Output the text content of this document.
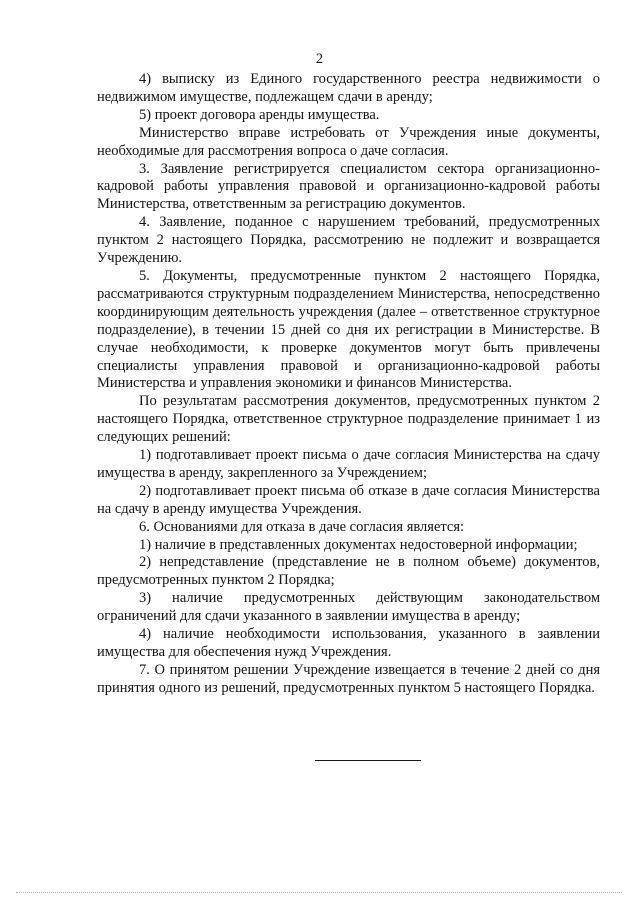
2

4) выписку из Единого государственного реестра недвижимости о недвижимом имуществе, подлежащем сдачи в аренду;

5) проект договора аренды имущества.

Министерство вправе истребовать от Учреждения иные документы, необходимые для рассмотрения вопроса о даче согласия.

3. Заявление регистрируется специалистом сектора организационно-кадровой работы управления правовой и организационно-кадровой работы Министерства, ответственным за регистрацию документов.

4. Заявление, поданное с нарушением требований, предусмотренных пунктом 2 настоящего Порядка, рассмотрению не подлежит и возвращается Учреждению.

5. Документы, предусмотренные пунктом 2 настоящего Порядка, рассматриваются структурным подразделением Министерства, непосредственно координирующим деятельность учреждения (далее – ответственное структурное подразделение), в течении 15 дней со дня их регистрации в Министерстве. В случае необходимости, к проверке документов могут быть привлечены специалисты управления правовой и организационно-кадровой работы Министерства и управления экономики и финансов Министерства.

По результатам рассмотрения документов, предусмотренных пунктом 2 настоящего Порядка, ответственное структурное подразделение принимает 1 из следующих решений:

1) подготавливает проект письма о даче согласия Министерства на сдачу имущества в аренду, закрепленного за Учреждением;

2) подготавливает проект письма об отказе в даче согласия Министерства на сдачу в аренду имущества Учреждения.

6. Основаниями для отказа в даче согласия является:

1) наличие в представленных документах недостоверной информации;

2) непредставление (представление не в полном объеме) документов, предусмотренных пунктом 2 Порядка;

3) наличие предусмотренных действующим законодательством ограничений для сдачи указанного в заявлении имущества в аренду;

4) наличие необходимости использования, указанного в заявлении имущества для обеспечения нужд Учреждения.

7. О принятом решении Учреждение извещается в течение 2 дней со дня принятия одного из решений, предусмотренных пунктом 5 настоящего Порядка.
